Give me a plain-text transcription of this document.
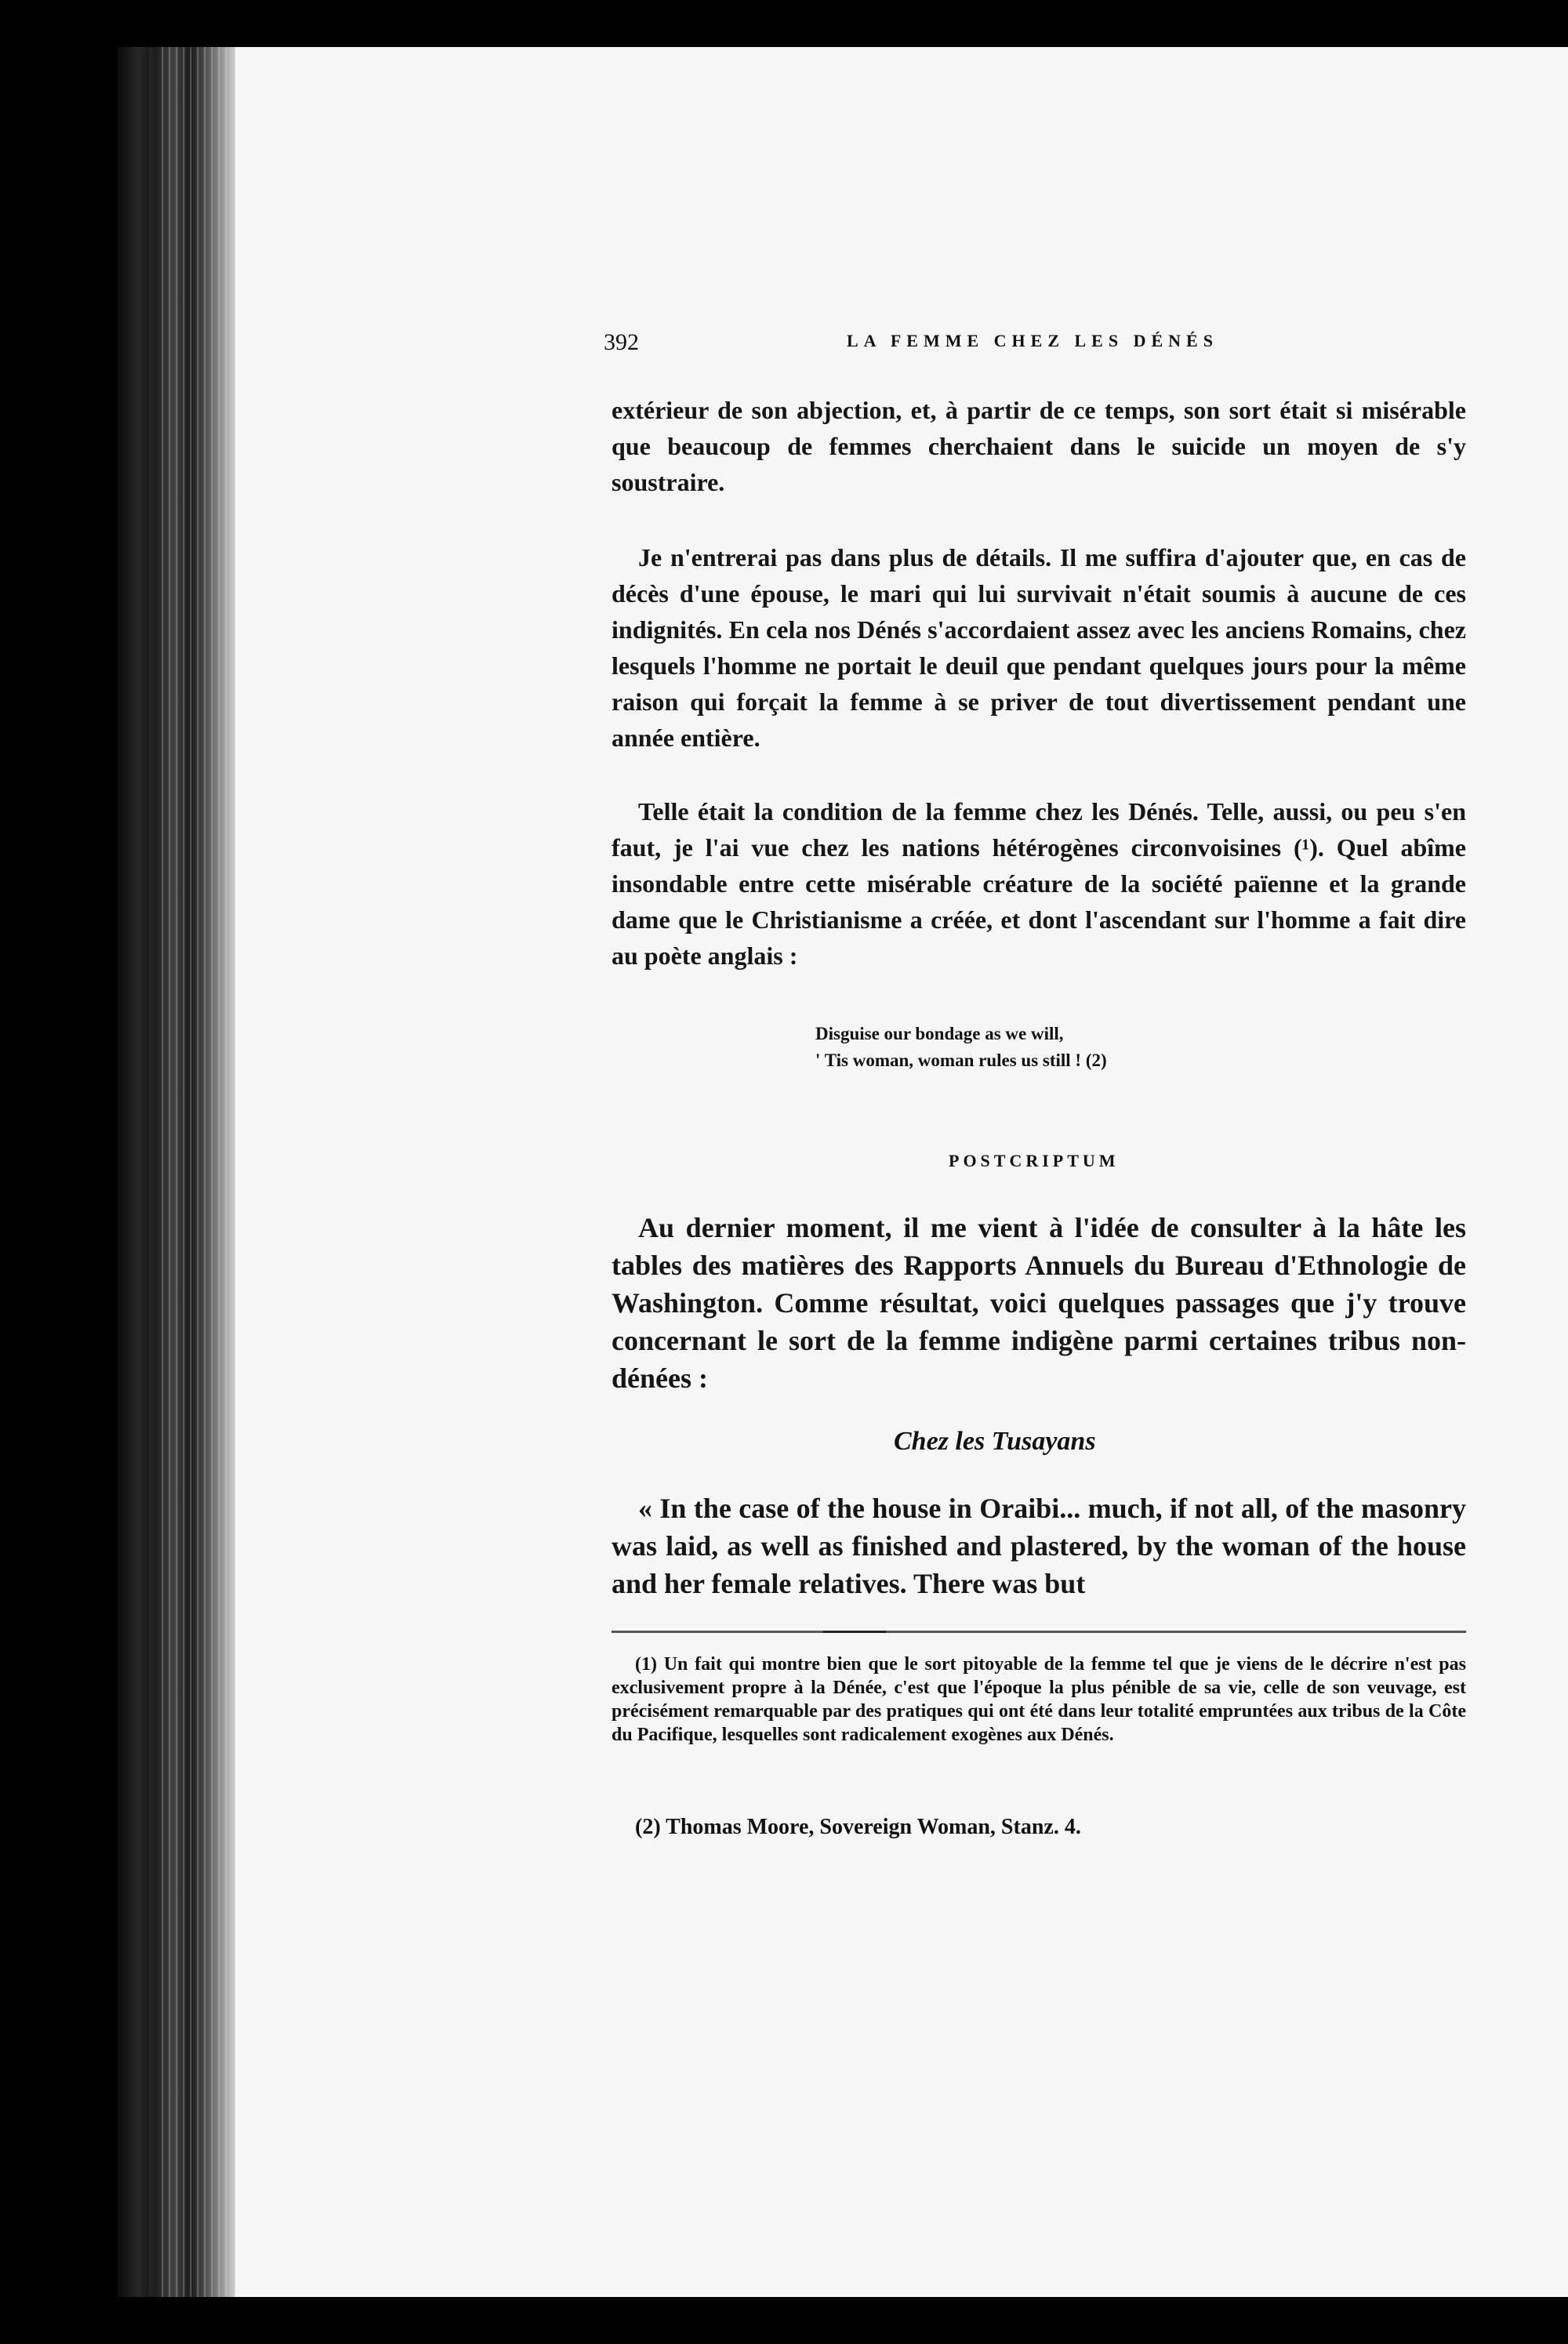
392	LA FEMME CHEZ LES DÉNÉS
extérieur de son abjection, et, à partir de ce temps, son sort était si misérable que beaucoup de femmes cherchaient dans le suicide un moyen de s'y soustraire.
Je n'entrerai pas dans plus de détails. Il me suffira d'ajouter que, en cas de décès d'une épouse, le mari qui lui survivait n'était soumis à aucune de ces indignités. En cela nos Dénés s'accordaient assez avec les anciens Romains, chez lesquels l'homme ne portait le deuil que pendant quelques jours pour la même raison qui forçait la femme à se priver de tout divertissement pendant une année entière.
Telle était la condition de la femme chez les Dénés. Telle, aussi, ou peu s'en faut, je l'ai vue chez les nations hétérogènes circonvoisines (¹). Quel abîme insondable entre cette misérable créature de la société païenne et la grande dame que le Christianisme a créée, et dont l'ascendant sur l'homme a fait dire au poète anglais :
Disguise our bondage as we will,
' Tis woman, woman rules us still ! (2)
POSTCRIPTUM
Au dernier moment, il me vient à l'idée de consulter à la hâte les tables des matières des Rapports Annuels du Bureau d'Ethnologie de Washington. Comme résultat, voici quelques passages que j'y trouve concernant le sort de la femme indigène parmi certaines tribus non-dénées :
Chez les Tusayans
« In the case of the house in Oraibi... much, if not all, of the masonry was laid, as well as finished and plastered, by the woman of the house and her female relatives. There was but
(1) Un fait qui montre bien que le sort pitoyable de la femme tel que je viens de le décrire n'est pas exclusivement propre à la Dénée, c'est que l'époque la plus pénible de sa vie, celle de son veuvage, est précisément remarquable par des pratiques qui ont été dans leur totalité empruntées aux tribus de la Côte du Pacifique, lesquelles sont radicalement exogènes aux Dénés.
(2) Thomas Moore, Sovereign Woman, Stanz. 4.
